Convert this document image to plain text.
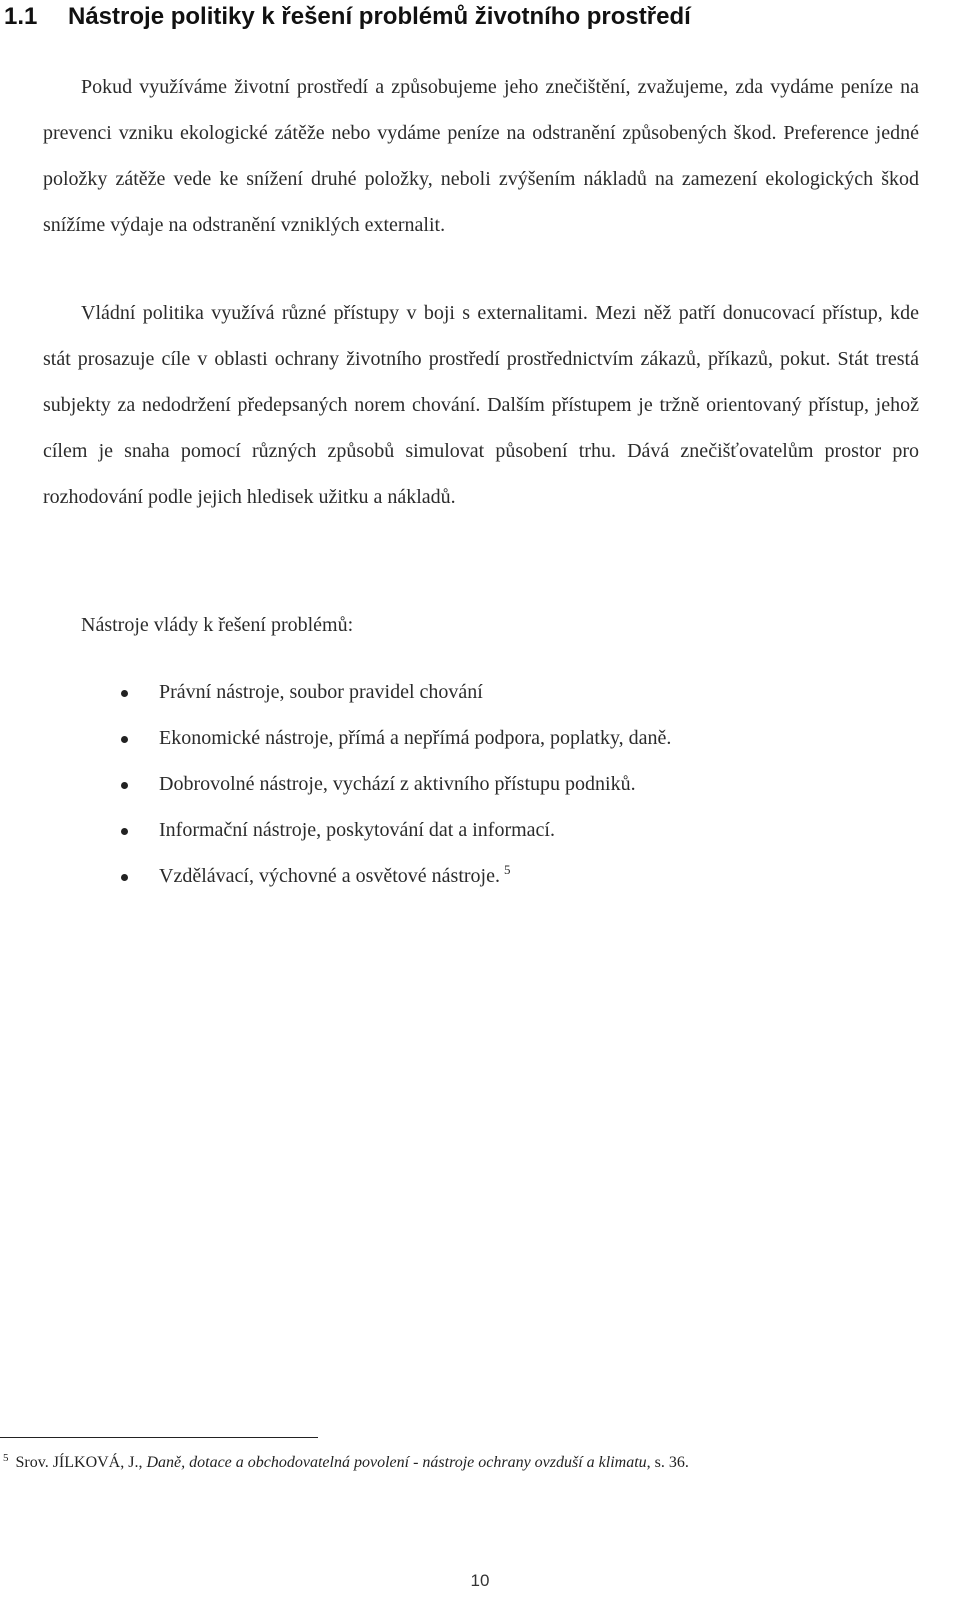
1.1 Nástroje politiky k řešení problémů životního prostředí

Pokud využíváme životní prostředí a způsobujeme jeho znečištění, zvažujeme, zda vydáme peníze na prevenci vzniku ekologické zátěže nebo vydáme peníze na odstranění způsobených škod. Preference jedné položky zátěže vede ke snížení druhé položky, neboli zvýšením nákladů na zamezení ekologických škod snížíme výdaje na odstranění vzniklých externalit.

Vládní politika využívá různé přístupy v boji s externalitami. Mezi něž patří donucovací přístup, kde stát prosazuje cíle v oblasti ochrany životního prostředí prostřednictvím zákazů, příkazů, pokut. Stát trestá subjekty za nedodržení předepsaných norem chování. Dalším přístupem je tržně orientovaný přístup, jehož cílem je snaha pomocí různých způsobů simulovat působení trhu. Dává znečišťovatelům prostor pro rozhodování podle jejich hledisek užitku a nákladů.

Nástroje vlády k řešení problémů:
Právní nástroje, soubor pravidel chování
Ekonomické nástroje, přímá a nepřímá podpora, poplatky, daně.
Dobrovolné nástroje, vychází z aktivního přístupu podniků.
Informační nástroje, poskytování dat a informací.
Vzdělávací, výchovné a osvětové nástroje. $^5$
$^5$ Srov. JÍLKOVÁ, J., Daně, dotace a obchodovatelná povolení - nástroje ochrany ovzduší a klimatu, s. 36.
10
